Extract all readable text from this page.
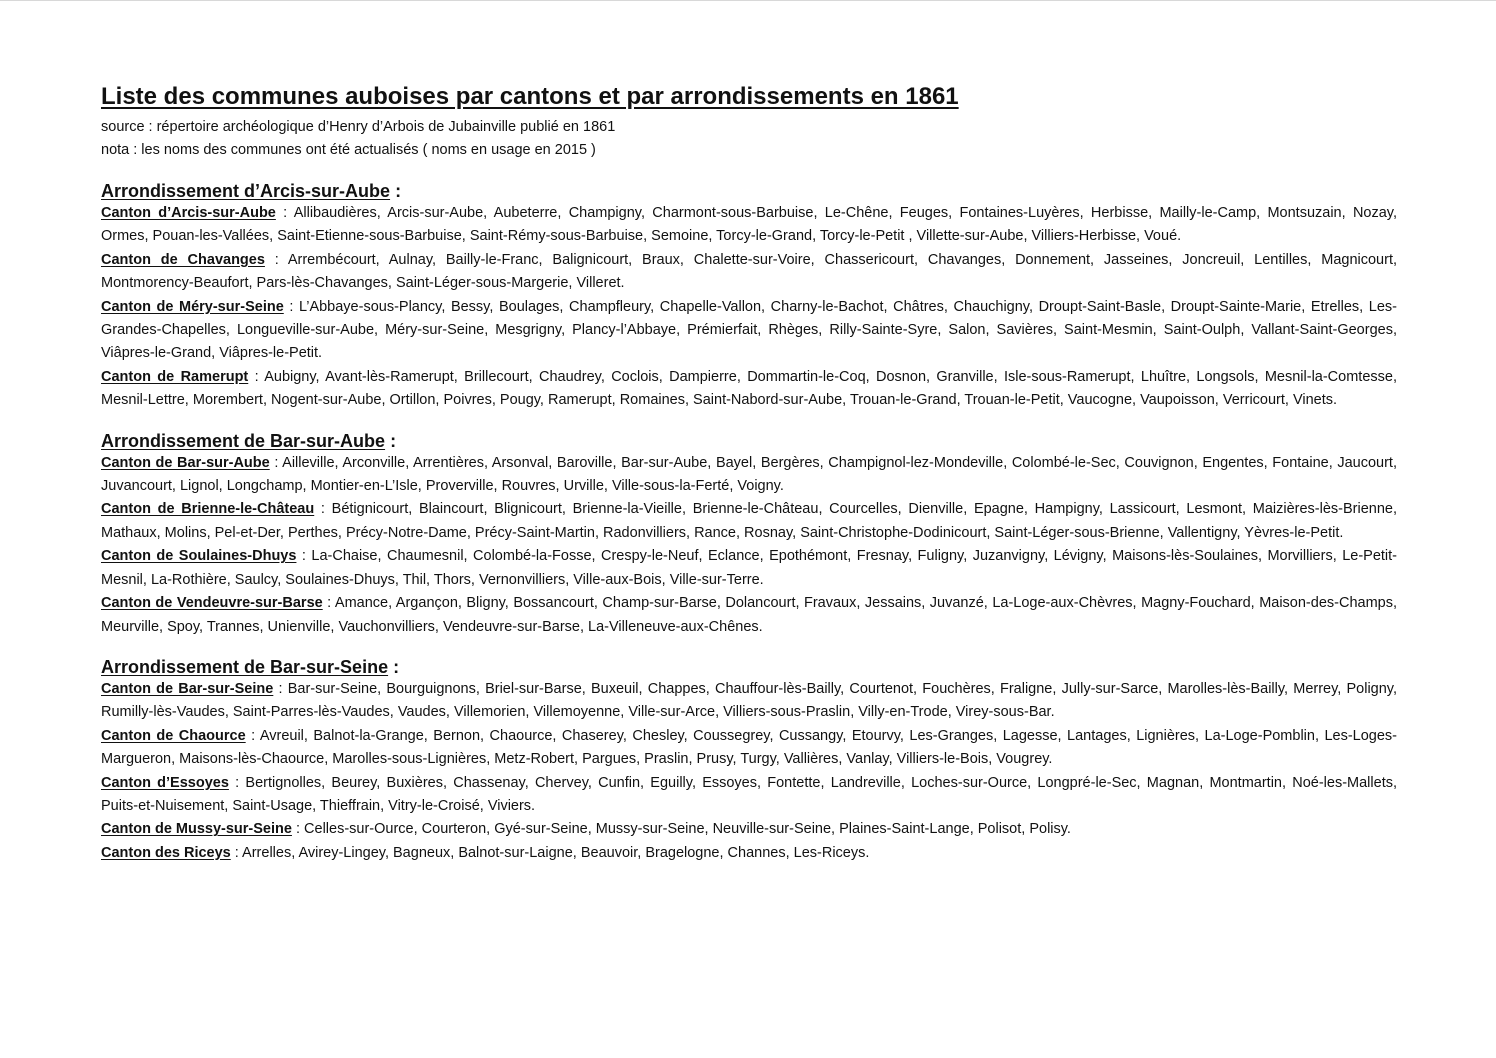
Liste des communes auboises par cantons et par arrondissements en 1861

source : répertoire archéologique d’Henry d’Arbois de Jubainville publié en 1861

nota : les noms des communes ont été actualisés ( noms en usage en 2015 )

Arrondissement d’Arcis-sur-Aube :

Canton d’Arcis-sur-Aube : Allibaudières, Arcis-sur-Aube, Aubeterre, Champigny, Charmont-sous-Barbuise, Le-Chêne, Feuges, Fontaines-Luyères, Herbisse, Mailly-le-Camp, Montsuzain, Nozay, Ormes, Pouan-les-Vallées, Saint-Etienne-sous-Barbuise, Saint-Rémy-sous-Barbuise, Semoine, Torcy-le-Grand, Torcy-le-Petit , Villette-sur-Aube, Villiers-Herbisse, Voué.

Canton de Chavanges : Arrembécourt, Aulnay, Bailly-le-Franc, Balignicourt, Braux, Chalette-sur-Voire, Chassericourt, Chavanges, Donnement, Jasseines, Joncreuil, Lentilles, Magnicourt, Montmorency-Beaufort, Pars-lès-Chavanges, Saint-Léger-sous-Margerie, Villeret.

Canton de Méry-sur-Seine : L’Abbaye-sous-Plancy, Bessy, Boulages, Champfleury, Chapelle-Vallon, Charny-le-Bachot, Châtres, Chauchigny, Droupt-Saint-Basle, Droupt-Sainte-Marie, Etrelles, Les-Grandes-Chapelles, Longueville-sur-Aube, Méry-sur-Seine, Mesgrigny, Plancy-l’Abbaye, Prémierfait, Rhèges, Rilly-Sainte-Syre, Salon, Savières, Saint-Mesmin, Saint-Oulph, Vallant-Saint-Georges, Viâpres-le-Grand, Viâpres-le-Petit.

Canton de Ramerupt : Aubigny, Avant-lès-Ramerupt, Brillecourt, Chaudrey, Coclois, Dampierre, Dommartin-le-Coq, Dosnon, Granville, Isle-sous-Ramerupt, Lhuître, Longsols, Mesnil-la-Comtesse, Mesnil-Lettre, Morembert, Nogent-sur-Aube, Ortillon, Poivres, Pougy, Ramerupt, Romaines, Saint-Nabord-sur-Aube, Trouan-le-Grand, Trouan-le-Petit, Vaucogne, Vaupoisson, Verricourt, Vinets.

Arrondissement de Bar-sur-Aube :

Canton de Bar-sur-Aube : Ailleville, Arconville, Arrentières, Arsonval, Baroville, Bar-sur-Aube, Bayel, Bergères, Champignol-lez-Mondeville, Colombé-le-Sec, Couvignon, Engentes, Fontaine, Jaucourt, Juvancourt, Lignol, Longchamp, Montier-en-L’Isle, Proverville, Rouvres, Urville, Ville-sous-la-Ferté, Voigny.

Canton de Brienne-le-Château : Bétignicourt, Blaincourt, Blignicourt, Brienne-la-Vieille, Brienne-le-Château, Courcelles, Dienville, Epagne, Hampigny, Lassicourt, Lesmont, Maizières-lès-Brienne, Mathaux, Molins, Pel-et-Der, Perthes, Précy-Notre-Dame, Précy-Saint-Martin, Radonvilliers, Rance, Rosnay, Saint-Christophe-Dodinicourt, Saint-Léger-sous-Brienne, Vallentigny, Yèvres-le-Petit.

Canton de Soulaines-Dhuys : La-Chaise, Chaumesnil, Colombé-la-Fosse, Crespy-le-Neuf, Eclance, Epothémont, Fresnay, Fuligny, Juzanvigny, Lévigny, Maisons-lès-Soulaines, Morvilliers, Le-Petit-Mesnil, La-Rothière, Saulcy, Soulaines-Dhuys, Thil, Thors, Vernonvilliers, Ville-aux-Bois, Ville-sur-Terre.

Canton de Vendeuvre-sur-Barse : Amance, Argançon, Bligny, Bossancourt, Champ-sur-Barse, Dolancourt, Fravaux, Jessains, Juvanzé, La-Loge-aux-Chèvres, Magny-Fouchard, Maison-des-Champs, Meurville, Spoy, Trannes, Unienville, Vauchonvilliers, Vendeuvre-sur-Barse, La-Villeneuve-aux-Chênes.

Arrondissement de Bar-sur-Seine :

Canton de Bar-sur-Seine : Bar-sur-Seine, Bourguignons, Briel-sur-Barse, Buxeuil, Chappes, Chauffour-lès-Bailly, Courtenot, Fouchères, Fraligne, Jully-sur-Sarce, Marolles-lès-Bailly, Merrey, Poligny, Rumilly-lès-Vaudes, Saint-Parres-lès-Vaudes, Vaudes, Villemorien, Villemoyenne, Ville-sur-Arce, Villiers-sous-Praslin, Villy-en-Trode, Virey-sous-Bar.

Canton de Chaource : Avreuil, Balnot-la-Grange, Bernon, Chaource, Chaserey, Chesley, Coussegrey, Cussangy, Etourvy, Les-Granges, Lagesse, Lantages, Lignières, La-Loge-Pomblin, Les-Loges-Margueron, Maisons-lès-Chaource, Marolles-sous-Lignières, Metz-Robert, Pargues, Praslin, Prusy, Turgy, Vallières, Vanlay, Villiers-le-Bois, Vougrey.

Canton d’Essoyes : Bertignolles, Beurey, Buxières, Chassenay, Chervey, Cunfin, Eguilly, Essoyes, Fontette, Landreville, Loches-sur-Ource, Longpré-le-Sec, Magnan, Montmartin, Noé-les-Mallets, Puits-et-Nuisement, Saint-Usage, Thieffrain, Vitry-le-Croisé, Viviers.

Canton de Mussy-sur-Seine : Celles-sur-Ource, Courteron, Gyé-sur-Seine, Mussy-sur-Seine, Neuville-sur-Seine, Plaines-Saint-Lange, Polisot, Polisy.

Canton des Riceys : Arrelles, Avirey-Lingey, Bagneux, Balnot-sur-Laigne, Beauvoir, Bragelogne, Channes, Les-Riceys.
